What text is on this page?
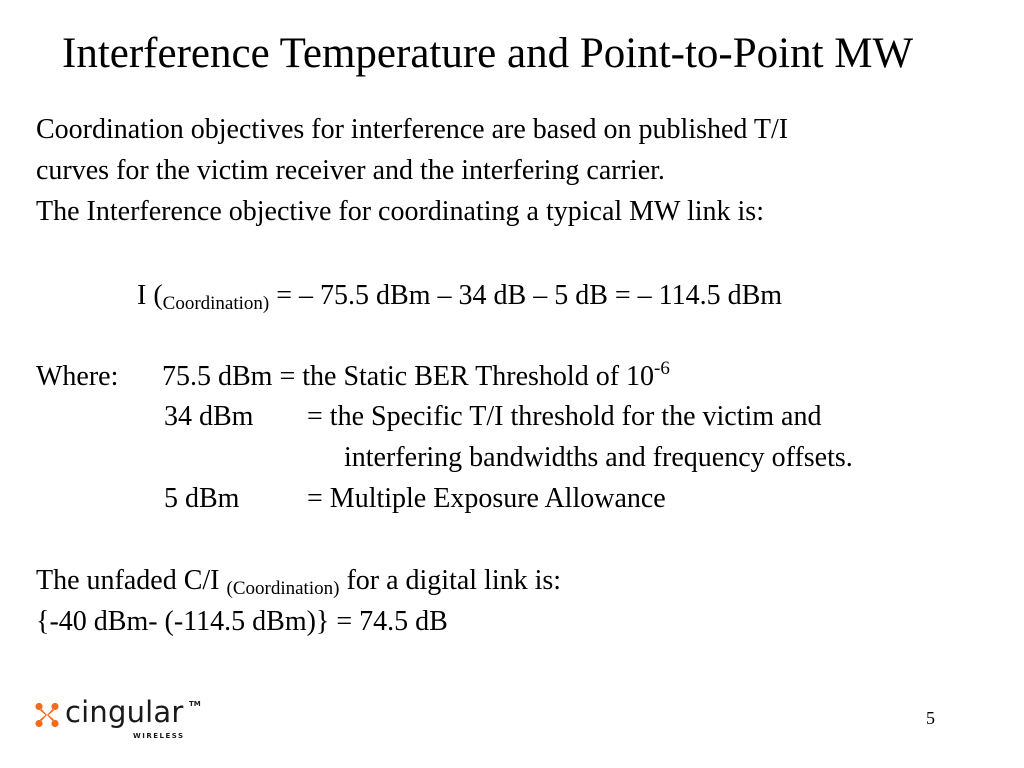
Interference Temperature and Point-to-Point MW
Coordination objectives for interference are based on published T/I
curves for the victim receiver and the interfering carrier.
The Interference objective for coordinating a typical MW link is:
I ($_{Coordination)}$ = – 75.5 dBm – 34 dB – 5 dB = – 114.5 dBm
Where: 75.5 dBm = the Static BER Threshold of $10^{-6}$
34 dBm = the Specific T/I threshold for the victim and
interfering bandwidths and frequency offsets.
5 dBm = Multiple Exposure Allowance
The unfaded C/I $_{(Coordination)}$ for a digital link is:
{-40 dBm- (-114.5 dBm)} = 74.5 dB
cingular TM
WIRELESS
5
